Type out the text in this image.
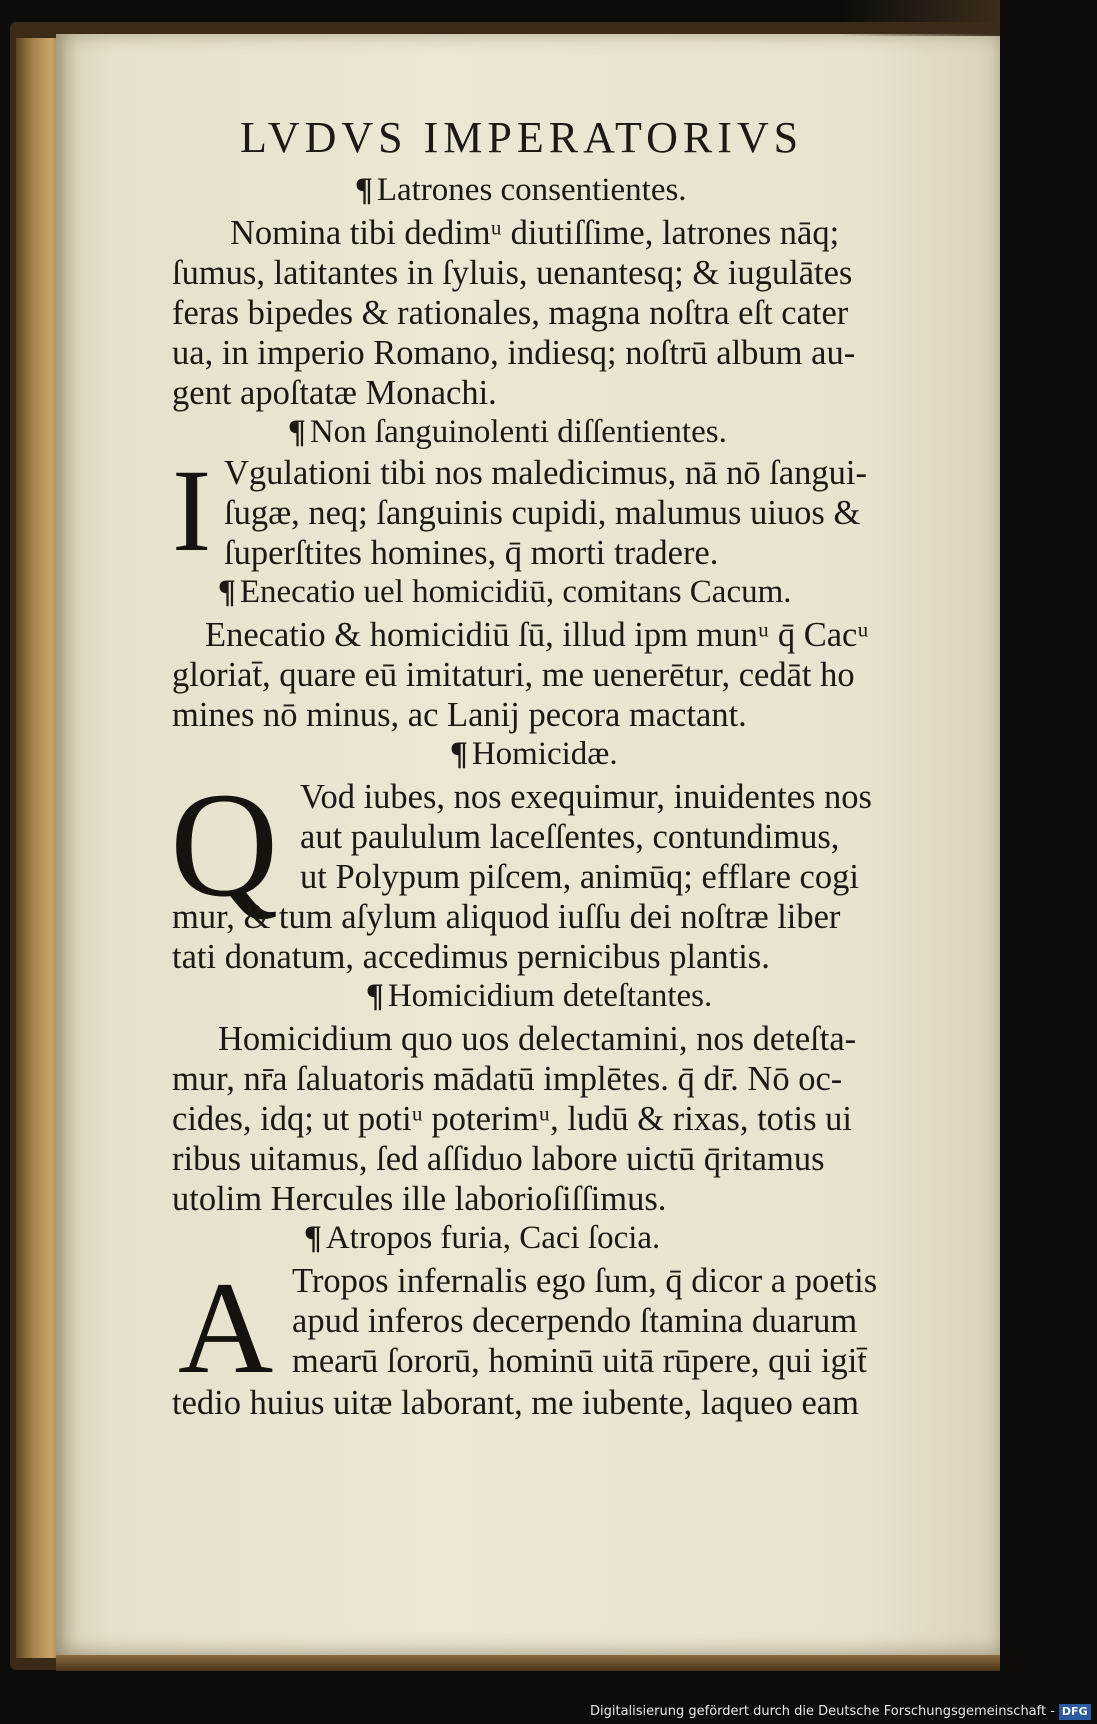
LVDVS IMPERATORIVS
¶ Latrones consentientes.
Nomina tibi dedimᵘ diutiſſime, latrones nāq;
ſumus, latitantes in ſyluis, uenantesq; & iugulātes
feras bipedes & rationales, magna noſtra eſt cater
ua, in imperio Romano, indiesq; noſtrū album au-
gent apoſtatæ Monachi.
¶ Non ſanguinolenti diſſentientes.
I Vgulationi tibi nos maledicimus, nā nō ſangui-
ſugæ, neq; ſanguinis cupidi, malumus uiuos &
ſuperſtites homines, q̄ morti tradere.
¶ Enecatio uel homicidiū, comitans Cacum.
Enecatio & homicidiū ſū, illud ipm munᵘ q̄ Cacᵘ
gloriat̄, quare eū imitaturi, me uenerētur, cedāt ho
mines nō minus, ac Lanij pecora mactant.
¶ Homicidæ.
Q Vod iubes, nos exequimur, inuidentes nos
aut paululum laceſſentes, contundimus,
ut Polypum piſcem, animūq; efflare cogi
mur, & tum aſylum aliquod iuſſu dei noſtræ liber
tati donatum, accedimus pernicibus plantis.
¶ Homicidium deteſtantes.
Homicidium quo uos delectamini, nos deteſta-
mur, nr̄a ſaluatoris mādatū implētes. q̄ dr̄. Nō oc-
cides, idq; ut potiᵘ poterimᵘ, ludū & rixas, totis ui
ribus uitamus, ſed aſſiduo labore uictū q̄ritamus
utolim Hercules ille laborioſiſſimus.
¶ Atropos furia, Caci ſocia.
A Tropos infernalis ego ſum, q̄ dicor a poetis
apud inferos decerpendo ſtamina duarum
mearū ſororū, hominū uitā rūpere, qui igit̄
tedio huius uitæ laborant, me iubente, laqueo eam
Digitalisierung gefördert durch die Deutsche Forschungsgemeinschaft - DFG
